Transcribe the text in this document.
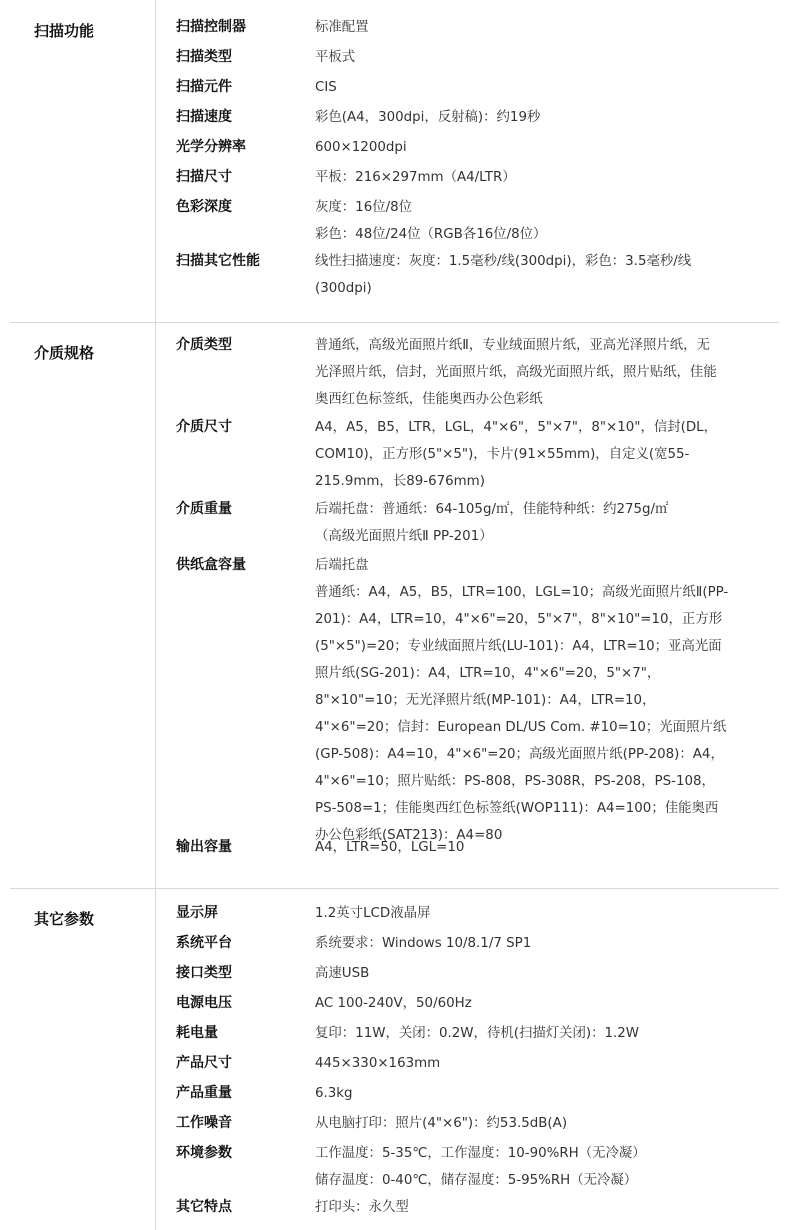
扫描功能	扫描控制器	标准配置
扫描类型	平板式
扫描元件	CIS
扫描速度	彩色(A4，300dpi，反射稿)：约19秒
光学分辨率	600×1200dpi
扫描尺寸	平板：216×297mm（A4/LTR）
色彩深度	灰度：16位/8位
彩色：48位/24位（RGB各16位/8位）
扫描其它性能	线性扫描速度：灰度：1.5毫秒/线(300dpi)，彩色：3.5毫秒/线
(300dpi)
介质规格	介质类型	普通纸，高级光面照片纸Ⅱ，专业绒面照片纸，亚高光泽照片纸，无
光泽照片纸，信封，光面照片纸，高级光面照片纸，照片贴纸，佳能
奥西红色标签纸，佳能奥西办公色彩纸
介质尺寸	A4，A5，B5，LTR，LGL，4"×6"，5"×7"，8"×10"，信封(DL，
COM10)，正方形(5"×5")，卡片(91×55mm)，自定义(宽55-
215.9mm，长89-676mm)
介质重量	后端托盘：普通纸：64-105g/㎡，佳能特种纸：约275g/㎡
（高级光面照片纸Ⅱ PP-201）
供纸盒容量	后端托盘
普通纸：A4，A5，B5，LTR=100，LGL=10；高级光面照片纸Ⅱ(PP-
201)：A4，LTR=10，4"×6"=20，5"×7"，8"×10"=10，正方形
(5"×5")=20；专业绒面照片纸(LU-101)：A4，LTR=10；亚高光面
照片纸(SG-201)：A4，LTR=10，4"×6"=20，5"×7"，
8"×10"=10；无光泽照片纸(MP-101)：A4，LTR=10，
4"×6"=20；信封：European DL/US Com. #10=10；光面照片纸
(GP-508)：A4=10，4"×6"=20；高级光面照片纸(PP-208)：A4，
4"×6"=10；照片贴纸：PS-808，PS-308R，PS-208，PS-108，
PS-508=1；佳能奥西红色标签纸(WOP111)：A4=100；佳能奥西
办公色彩纸(SAT213)：A4=80
输出容量	A4，LTR=50，LGL=10
其它参数	显示屏	1.2英寸LCD液晶屏
系统平台	系统要求：Windows 10/8.1/7 SP1
接口类型	高速USB
电源电压	AC 100-240V，50/60Hz
耗电量	复印：11W，关闭：0.2W，待机(扫描灯关闭)：1.2W
产品尺寸	445×330×163mm
产品重量	6.3kg
工作噪音	从电脑打印：照片(4"×6")：约53.5dB(A)
环境参数	工作温度：5-35℃，工作湿度：10-90%RH（无冷凝）
储存温度：0-40℃，储存湿度：5-95%RH（无冷凝）
其它特点	打印头：永久型
